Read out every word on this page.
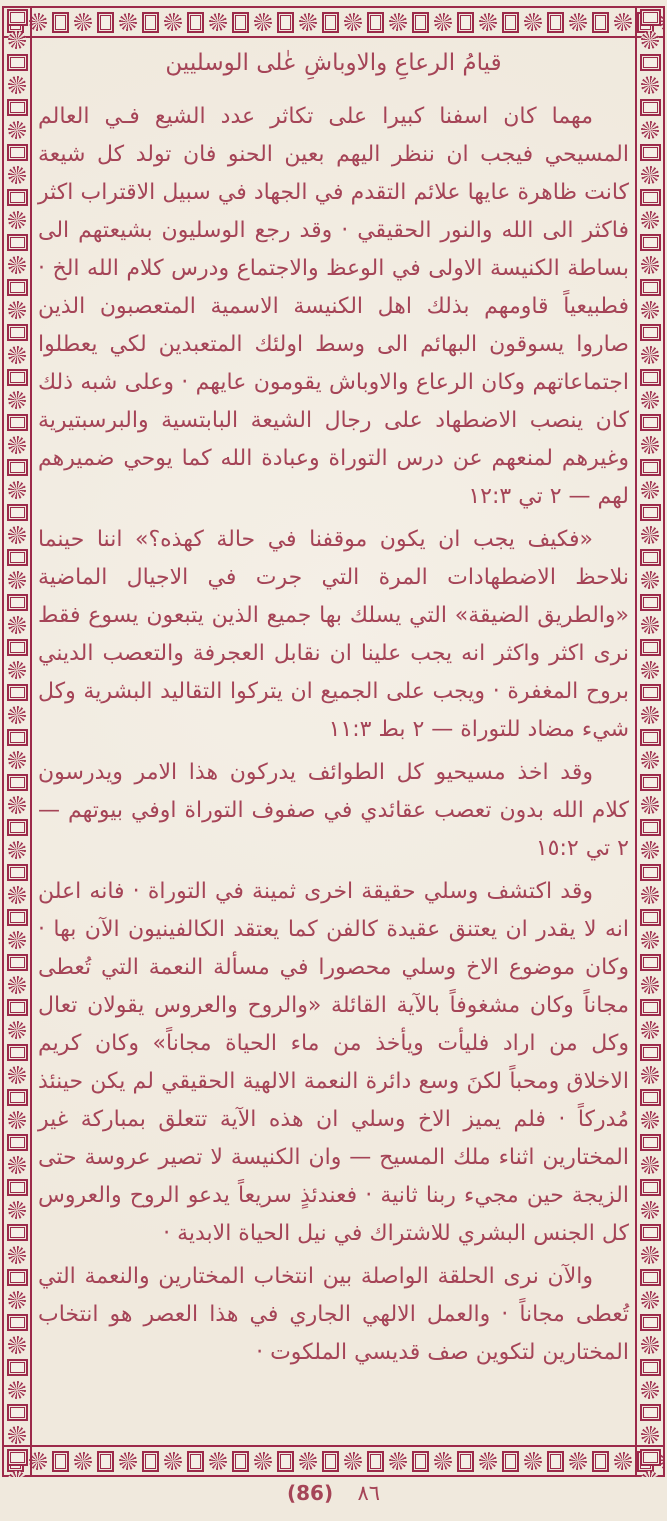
قيامُ الرعاعِ والاوباشِ عٰلى الوسليين

مهما كان اسفنا كبيرا على تكاثر عدد الشيع فـي العالم المسيحي فيجب ان ننظر اليهم بعين الحنو فان تولد كل شيعة كانت ظاهرة عايها علائم التقدم في الجهاد في سبيل الاقتراب اكثر فاكثر الى الله والنور الحقيقي · وقد رجع الوسليون بشيعتهم الى بساطة الكنيسة الاولى في الوعظ والاجتماع ودرس كلام الله الخ · فطبيعياً قاومهم بذلك اهل الكنيسة الاسمية المتعصبون الذين صاروا يسوقون البهائم الى وسط اولئك المتعبدين لكي يعطلوا اجتماعاتهم وكان الرعاع والاوباش يقومون عايهم · وعلى شبه ذلك كان ينصب الاضطهاد على رجال الشيعة البابتسية والبرسبتيرية وغيرهم لمنعهم عن درس التوراة وعبادة الله كما يوحي ضميرهم لهم — ٢ تي ١٢:٣

«فكيف يجب ان يكون موقفنا في حالة كهذه؟» اننا حينما نلاحظ الاضطهادات المرة التي جرت في الاجيال الماضية «والطريق الضيقة» التي يسلك بها جميع الذين يتبعون يسوع فقط نرى اكثر واكثر انه يجب علينا ان نقابل العجرفة والتعصب الديني بروح المغفرة · ويجب على الجميع ان يتركوا التقاليد البشرية وكل شيء مضاد للتوراة — ٢ بط ١١:٣

وقد اخذ مسيحيو كل الطوائف يدركون هذا الامر ويدرسون كلام الله بدون تعصب عقائدي في صفوف التوراة اوفي بيوتهم — ٢ تي ١٥:٢

وقد اكتشف وسلي حقيقة اخرى ثمينة في التوراة · فانه اعلن انه لا يقدر ان يعتنق عقيدة كالفن كما يعتقد الكالفينيون الآن بها · وكان موضوع الاخ وسلي محصورا في مسألة النعمة التي تُعطى مجاناً وكان مشغوفاً بالآية القائلة «والروح والعروس يقولان تعال وكل من اراد فليأت ويأخذ من ماء الحياة مجاناً» وكان كريم الاخلاق ومحباً لكنَ وسع دائرة النعمة الالهية الحقيقي لم يكن حينئذ مُدركاً · فلم يميز الاخ وسلي ان هذه الآية تتعلق بمباركة غير المختارين اثناء ملك المسيح — وان الكنيسة لا تصير عروسة حتى الزيجة حين مجيء ربنا ثانية · فعندئذٍ سريعاً يدعو الروح والعروس كل الجنس البشري للاشتراك في نيل الحياة الابدية ·

والآن نرى الحلقة الواصلة بين انتخاب المختارين والنعمة التي تُعطى مجاناً · والعمل الالهي الجاري في هذا العصر هو انتخاب المختارين لتكوين صف قديسي الملكوت ·

(86) ٨٦
